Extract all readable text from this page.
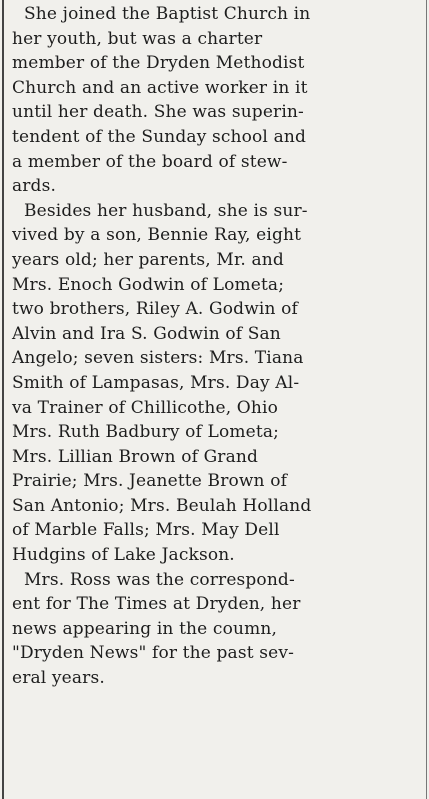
She joined the Baptist Church in
her youth, but was a charter
member of the Dryden Methodist
Church and an active worker in it
until her death. She was superin-
tendent of the Sunday school and
a member of the board of stew-
ards.

Besides her husband, she is sur-
vived by a son, Bennie Ray, eight
years old; her parents, Mr. and
Mrs. Enoch Godwin of Lometa;
two brothers, Riley A. Godwin of
Alvin and Ira S. Godwin of San
Angelo; seven sisters: Mrs. Tiana
Smith of Lampasas, Mrs. Day Al-
va Trainer of Chillicothe, Ohio
Mrs. Ruth Badbury of Lometa;
Mrs. Lillian Brown of Grand
Prairie; Mrs. Jeanette Brown of
San Antonio; Mrs. Beulah Holland
of Marble Falls; Mrs. May Dell
Hudgins of Lake Jackson.

Mrs. Ross was the correspond-
ent for The Times at Dryden, her
news appearing in the coumn,
"Dryden News" for the past sev-
eral years.
